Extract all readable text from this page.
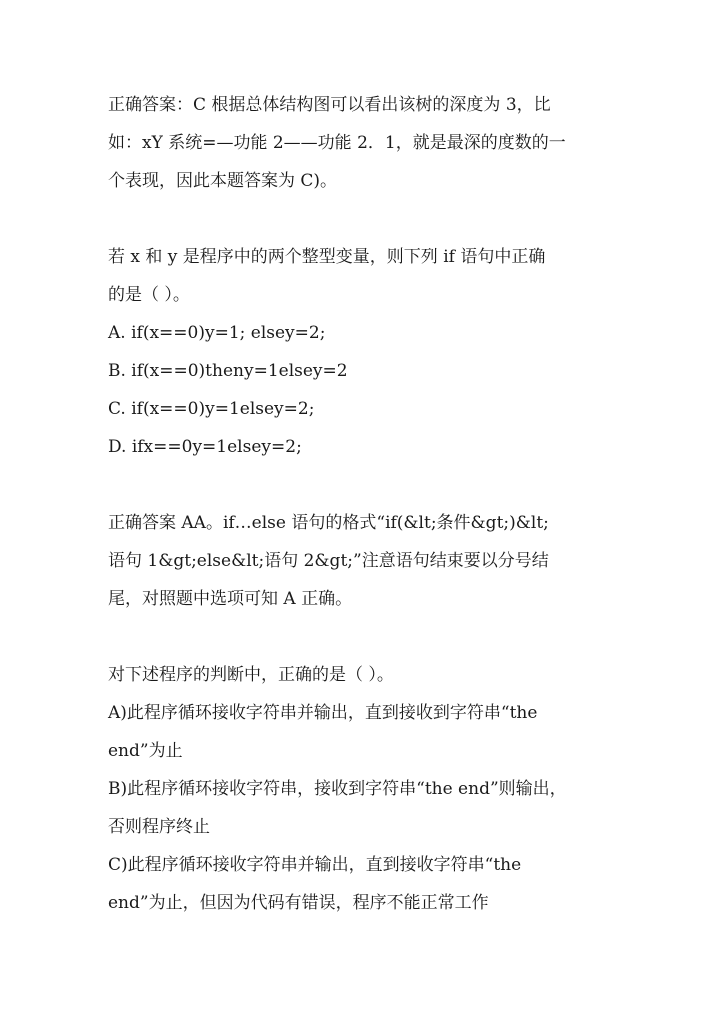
正确答案：C 根据总体结构图可以看出该树的深度为 3，比
如：xY 系统=—功能 2——功能 2．1，就是最深的度数的一
个表现，因此本题答案为 C)。
若 x 和 y 是程序中的两个整型变量，则下列 if 语句中正确
的是（ ）。
A. if(x==0)y=1; elsey=2;
B. if(x==0)theny=1elsey=2
C. if(x==0)y=1elsey=2;
D. ifx==0y=1elsey=2;
正确答案 AA。if…else 语句的格式“if(&lt;条件&gt;)&lt;
语句 1&gt;else&lt;语句 2&gt;”注意语句结束要以分号结
尾，对照题中选项可知 A 正确。
对下述程序的判断中，正确的是（ ）。
A)此程序循环接收字符串并输出，直到接收到字符串“the
end”为止
B)此程序循环接收字符串，接收到字符串“the end”则输出，
否则程序终止
C)此程序循环接收字符串并输出，直到接收字符串“the
end”为止，但因为代码有错误，程序不能正常工作
